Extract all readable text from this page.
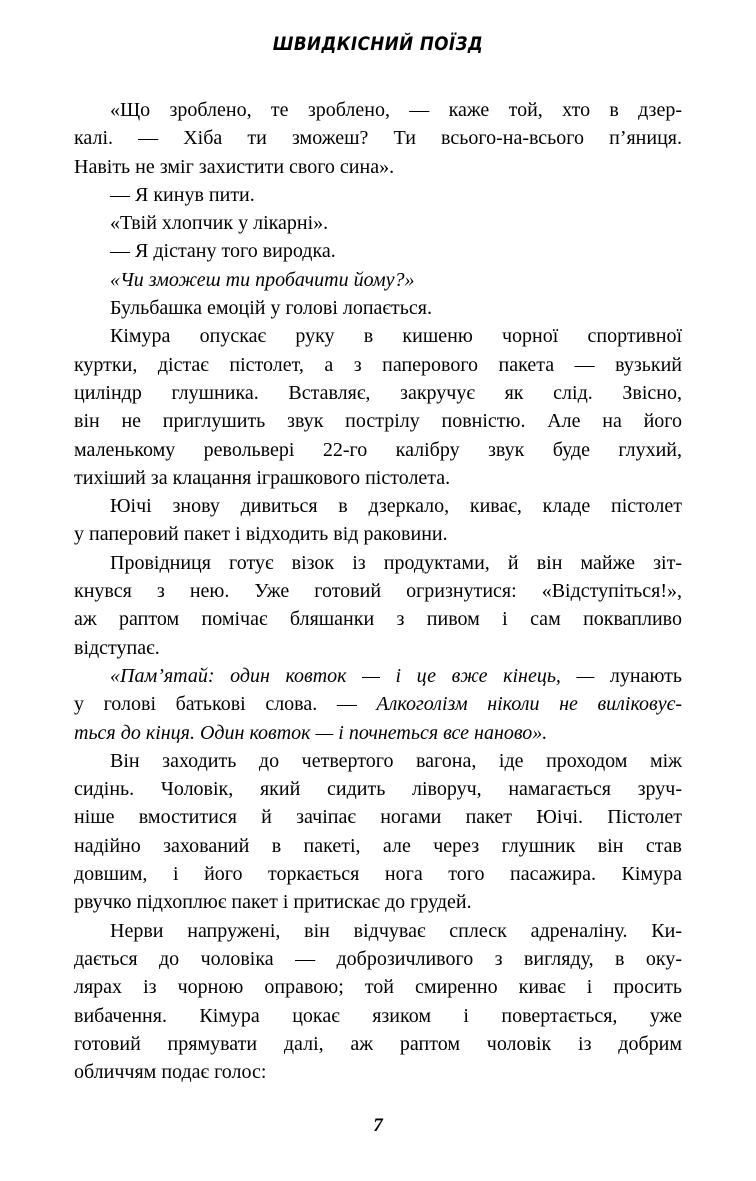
ШВИДКІСНИЙ ПОЇЗД
«Що зроблено, те зроблено, — каже той, хто в дзер-
калі. — Хіба ти зможеш? Ти всього-на-всього п’яниця.
Навіть не зміг захистити свого сина».
— Я кинув пити.
«Твій хлопчик у лікарні».
— Я дістану того виродка.
«Чи зможеш ти пробачити йому?»
Бульбашка емоцій у голові лопається.
Кімура опускає руку в кишеню чорної спортивної
куртки, дістає пістолет, а з паперового пакета — вузький
циліндр глушника. Вставляє, закручує як слід. Звісно,
він не приглушить звук пострілу повністю. Але на його
маленькому револьвері 22-го калібру звук буде глухий,
тихіший за клацання іграшкового пістолета.
Юічі знову дивиться в дзеркало, киває, кладе пістолет
у паперовий пакет і відходить від раковини.
Провідниця готує візок із продуктами, й він майже зіт-
кнувся з нею. Уже готовий огризнутися: «Відступіться!»,
аж раптом помічає бляшанки з пивом і сам поквапливо
відступає.
«Пам’ятай: один ковток — і це вже кінець, — лунають
у голові батькові слова. — Алкоголізм ніколи не виліковує-
ться до кінця. Один ковток — і почнеться все наново».
Він заходить до четвертого вагона, іде проходом між
сидінь. Чоловік, який сидить ліворуч, намагається зруч-
ніше вмоститися й зачіпає ногами пакет Юічі. Пістолет
надійно захований в пакеті, але через глушник він став
довшим, і його торкається нога того пасажира. Кімура
рвучко підхоплює пакет і притискає до грудей.
Нерви напружені, він відчуває сплеск адреналіну. Ки-
дається до чоловіка — доброзичливого з вигляду, в оку-
лярах із чорною оправою; той смиренно киває і просить
вибачення. Кімура цокає язиком і повертається, уже
готовий прямувати далі, аж раптом чоловік із добрим
обличчям подає голос:
7
